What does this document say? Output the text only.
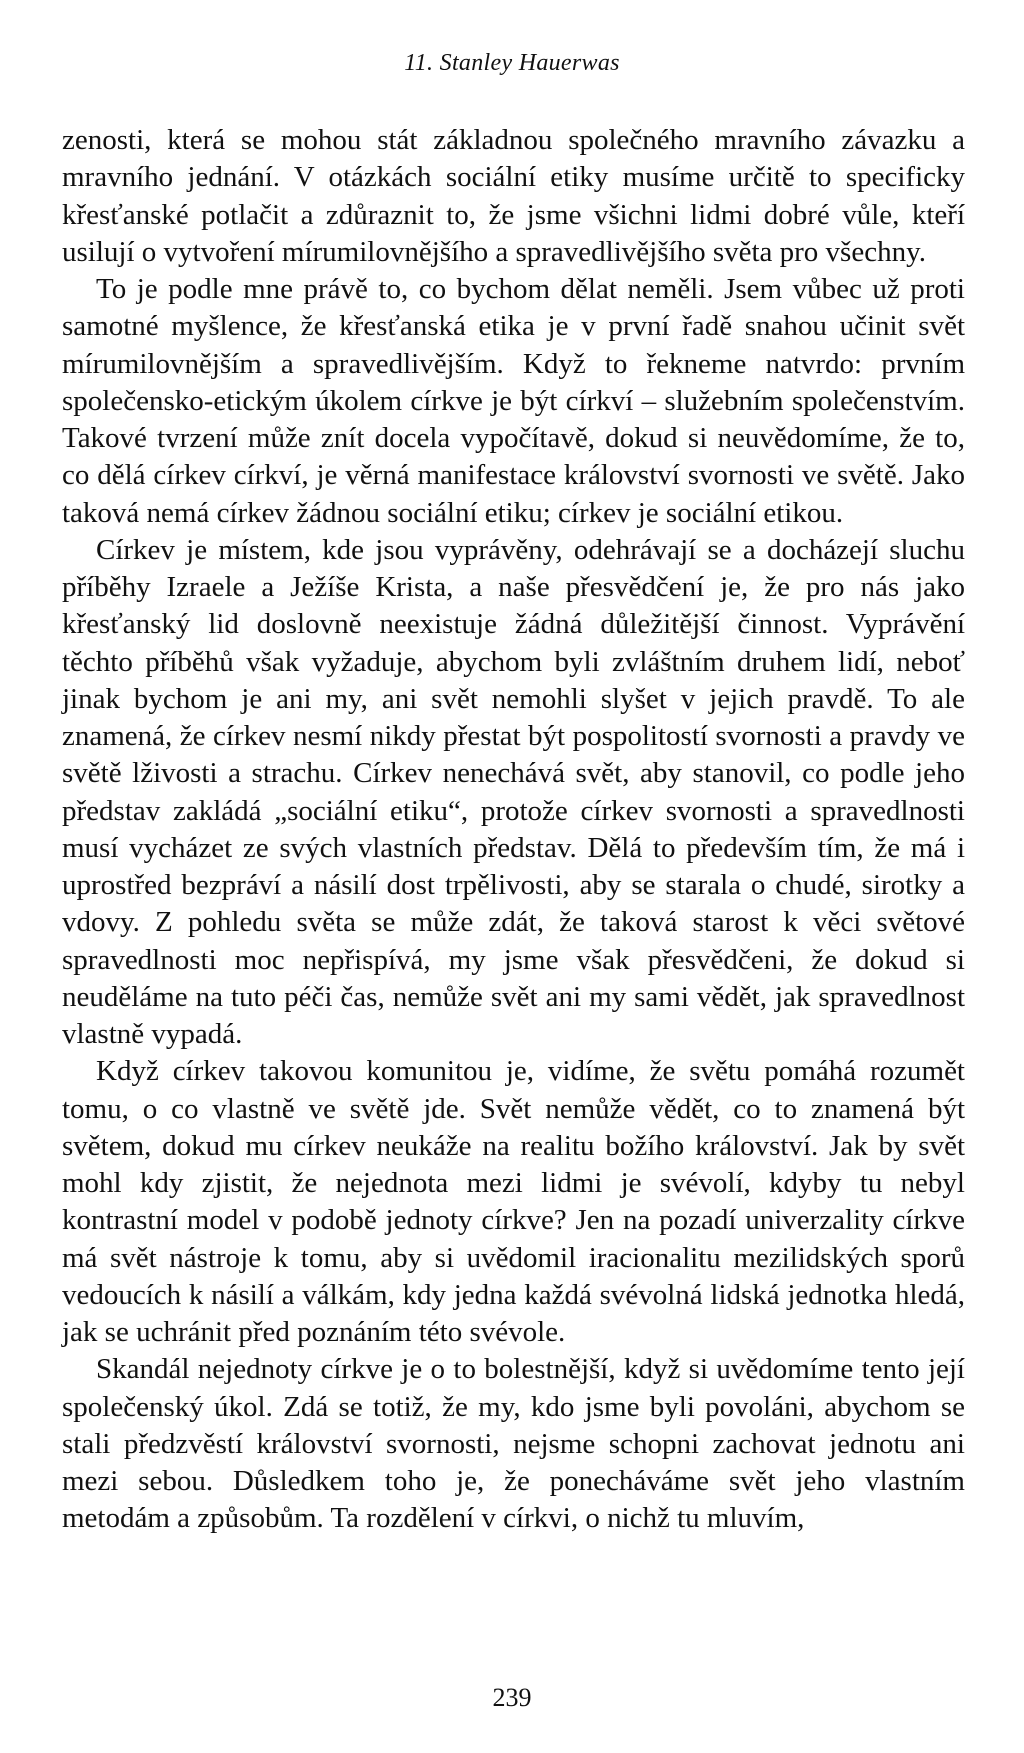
11. Stanley Hauerwas

zenosti, která se mohou stát základnou společného mravního závazku a mravního jednání. V otázkách sociální etiky musíme určitě to specificky křesťanské potlačit a zdůraznit to, že jsme všichni lidmi dobré vůle, kteří usilují o vytvoření mírumilovnějšího a spravedlivějšího světa pro všechny.

To je podle mne právě to, co bychom dělat neměli. Jsem vůbec už proti samotné myšlence, že křesťanská etika je v první řadě snahou učinit svět mírumilovnějším a spravedlivějším. Když to řekneme natvrdo: prvním společensko-etickým úkolem církve je být církví – služebním společenstvím. Takové tvrzení může znít docela vypočítavě, dokud si neuvědomíme, že to, co dělá církev církví, je věrná manifestace království svornosti ve světě. Jako taková nemá církev žádnou sociální etiku; církev je sociální etikou.

Církev je místem, kde jsou vyprávěny, odehrávají se a docházejí sluchu příběhy Izraele a Ježíše Krista, a naše přesvědčení je, že pro nás jako křesťanský lid doslovně neexistuje žádná důležitější činnost. Vyprávění těchto příběhů však vyžaduje, abychom byli zvláštním druhem lidí, neboť jinak bychom je ani my, ani svět nemohli slyšet v jejich pravdě. To ale znamená, že církev nesmí nikdy přestat být pospolitostí svornosti a pravdy ve světě lživosti a strachu. Církev nenechává svět, aby stanovil, co podle jeho představ zakládá „sociální etiku“, protože církev svornosti a spravedlnosti musí vycházet ze svých vlastních představ. Dělá to především tím, že má i uprostřed bezpráví a násilí dost trpělivosti, aby se starala o chudé, sirotky a vdovy. Z pohledu světa se může zdát, že taková starost k věci světové spravedlnosti moc nepřispívá, my jsme však přesvědčeni, že dokud si neuděláme na tuto péči čas, nemůže svět ani my sami vědět, jak spravedlnost vlastně vypadá.

Když církev takovou komunitou je, vidíme, že světu pomáhá rozumět tomu, o co vlastně ve světě jde. Svět nemůže vědět, co to znamená být světem, dokud mu církev neukáže na realitu božího království. Jak by svět mohl kdy zjistit, že nejednota mezi lidmi je svévolí, kdyby tu nebyl kontrastní model v podobě jednoty církve? Jen na pozadí univerzality církve má svět nástroje k tomu, aby si uvědomil iracionalitu mezilidských sporů vedoucích k násilí a válkám, kdy jedna každá svévolná lidská jednotka hledá, jak se uchránit před poznáním této svévole.

Skandál nejednoty církve je o to bolestnější, když si uvědomíme tento její společenský úkol. Zdá se totiž, že my, kdo jsme byli povoláni, abychom se stali předzvěstí království svornosti, nejsme schopni zachovat jednotu ani mezi sebou. Důsledkem toho je, že ponecháváme svět jeho vlastním metodám a způsobům. Ta rozdělení v církvi, o nichž tu mluvím,

239
